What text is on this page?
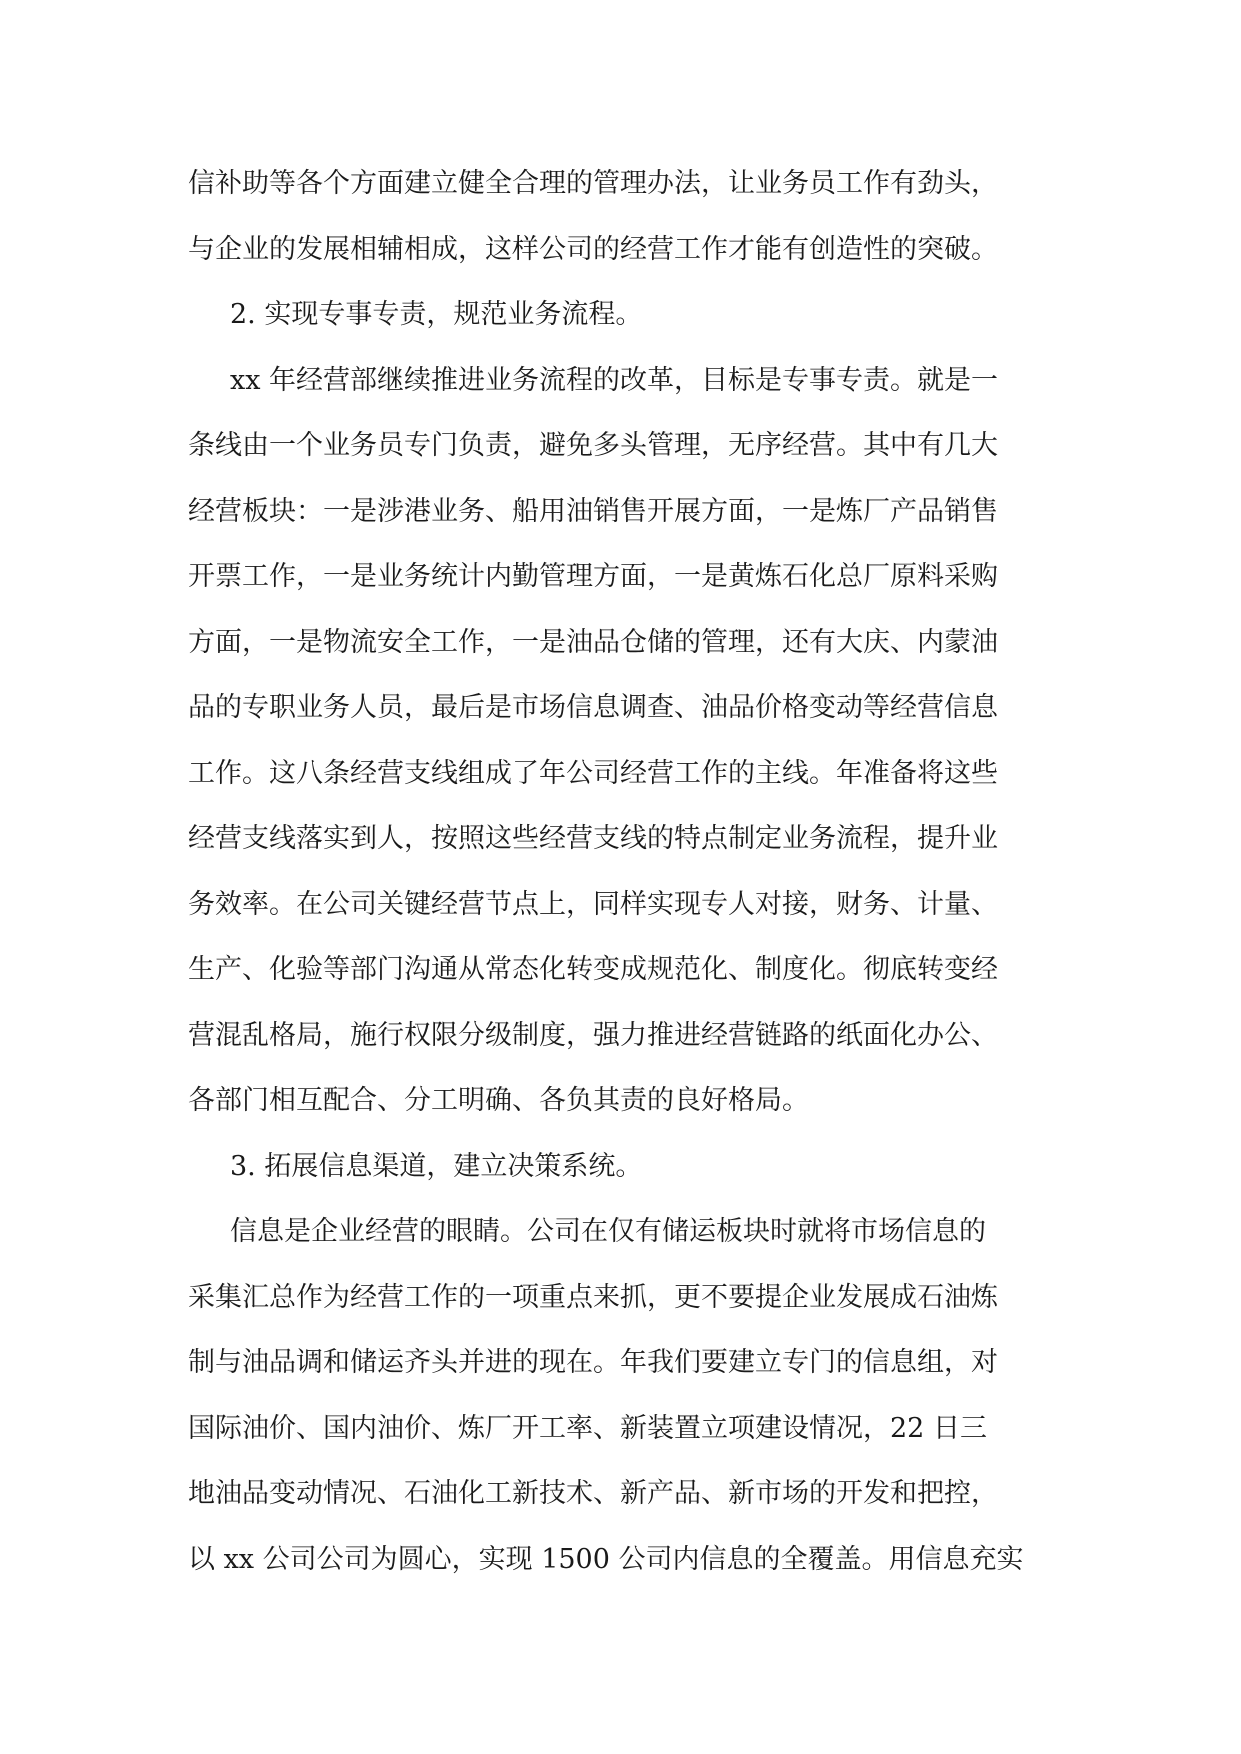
信补助等各个方面建立健全合理的管理办法，让业务员工作有劲头，
与企业的发展相辅相成，这样公司的经营工作才能有创造性的突破。
2. 实现专事专责，规范业务流程。
xx 年经营部继续推进业务流程的改革，目标是专事专责。就是一
条线由一个业务员专门负责，避免多头管理，无序经营。其中有几大
经营板块：一是涉港业务、船用油销售开展方面，一是炼厂产品销售
开票工作，一是业务统计内勤管理方面，一是黄炼石化总厂原料采购
方面，一是物流安全工作，一是油品仓储的管理，还有大庆、内蒙油
品的专职业务人员，最后是市场信息调查、油品价格变动等经营信息
工作。这八条经营支线组成了年公司经营工作的主线。年准备将这些
经营支线落实到人，按照这些经营支线的特点制定业务流程，提升业
务效率。在公司关键经营节点上，同样实现专人对接，财务、计量、
生产、化验等部门沟通从常态化转变成规范化、制度化。彻底转变经
营混乱格局，施行权限分级制度，强力推进经营链路的纸面化办公、
各部门相互配合、分工明确、各负其责的良好格局。
3. 拓展信息渠道，建立决策系统。
信息是企业经营的眼睛。公司在仅有储运板块时就将市场信息的
采集汇总作为经营工作的一项重点来抓，更不要提企业发展成石油炼
制与油品调和储运齐头并进的现在。年我们要建立专门的信息组，对
国际油价、国内油价、炼厂开工率、新装置立项建设情况，22 日三
地油品变动情况、石油化工新技术、新产品、新市场的开发和把控，
以 xx 公司公司为圆心，实现 1500 公司内信息的全覆盖。用信息充实
